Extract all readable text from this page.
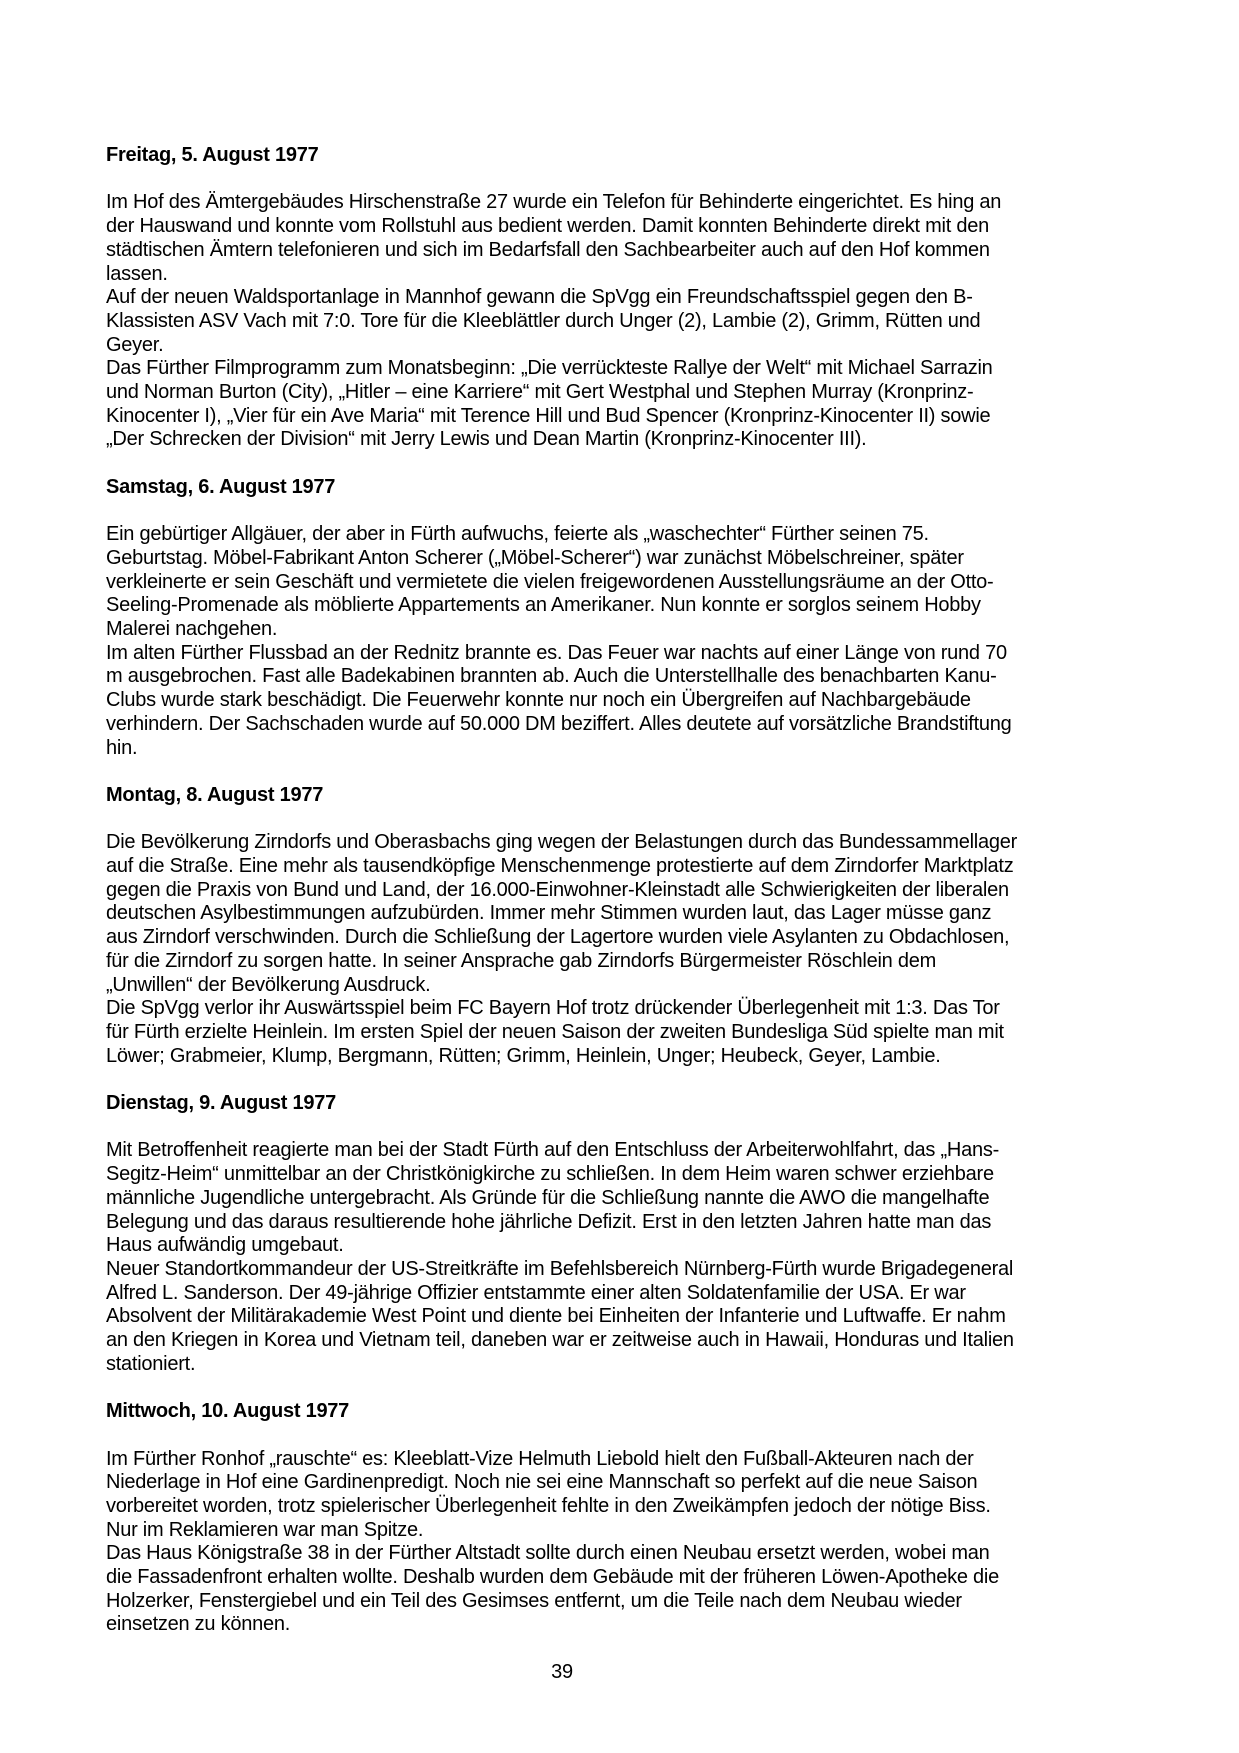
Freitag, 5. August 1977

Im Hof des Ämtergebäudes Hirschenstraße 27 wurde ein Telefon für Behinderte eingerichtet. Es hing an der Hauswand und konnte vom Rollstuhl aus bedient werden. Damit konnten Behinderte direkt mit den städtischen Ämtern telefonieren und sich im Bedarfsfall den Sachbearbeiter auch auf den Hof kommen lassen.

Auf der neuen Waldsportanlage in Mannhof gewann die SpVgg ein Freundschaftsspiel gegen den B-Klassisten ASV Vach mit 7:0. Tore für die Kleeblättler durch Unger (2), Lambie (2), Grimm, Rütten und Geyer.

Das Fürther Filmprogramm zum Monatsbeginn: „Die verrückteste Rallye der Welt“ mit Michael Sarrazin und Norman Burton (City), „Hitler – eine Karriere“ mit Gert Westphal und Stephen Murray (Kronprinz-Kinocenter I), „Vier für ein Ave Maria“ mit Terence Hill und Bud Spencer (Kronprinz-Kinocenter II) sowie „Der Schrecken der Division“ mit Jerry Lewis und Dean Martin (Kronprinz-Kinocenter III).

Samstag, 6. August 1977

Ein gebürtiger Allgäuer, der aber in Fürth aufwuchs, feierte als „waschechter“ Fürther seinen 75. Geburtstag. Möbel-Fabrikant Anton Scherer („Möbel-Scherer“) war zunächst Möbelschreiner, später verkleinerte er sein Geschäft und vermietete die vielen freigewordenen Ausstellungsräume an der Otto-Seeling-Promenade als möblierte Appartements an Amerikaner. Nun konnte er sorglos seinem Hobby Malerei nachgehen.

Im alten Fürther Flussbad an der Rednitz brannte es. Das Feuer war nachts auf einer Länge von rund 70 m ausgebrochen. Fast alle Badekabinen brannten ab. Auch die Unterstellhalle des benachbarten Kanu-Clubs wurde stark beschädigt. Die Feuerwehr konnte nur noch ein Übergreifen auf Nachbargebäude verhindern. Der Sachschaden wurde auf 50.000 DM beziffert. Alles deutete auf vorsätzliche Brandstiftung hin.

Montag, 8. August 1977

Die Bevölkerung Zirndorfs und Oberasbachs ging wegen der Belastungen durch das Bundessammellager auf die Straße. Eine mehr als tausendköpfige Menschenmenge protestierte auf dem Zirndorfer Marktplatz gegen die Praxis von Bund und Land, der 16.000-Einwohner-Kleinstadt alle Schwierigkeiten der liberalen deutschen Asylbestimmungen aufzubürden. Immer mehr Stimmen wurden laut, das Lager müsse ganz aus Zirndorf verschwinden. Durch die Schließung der Lagertore wurden viele Asylanten zu Obdachlosen, für die Zirndorf zu sorgen hatte. In seiner Ansprache gab Zirndorfs Bürgermeister Röschlein dem „Unwillen“ der Bevölkerung Ausdruck.

Die SpVgg verlor ihr Auswärtsspiel beim FC Bayern Hof trotz drückender Überlegenheit mit 1:3. Das Tor für Fürth erzielte Heinlein. Im ersten Spiel der neuen Saison der zweiten Bundesliga Süd spielte man mit Löwer; Grabmeier, Klump, Bergmann, Rütten; Grimm, Heinlein, Unger; Heubeck, Geyer, Lambie.

Dienstag, 9. August 1977

Mit Betroffenheit reagierte man bei der Stadt Fürth auf den Entschluss der Arbeiterwohlfahrt, das „Hans-Segitz-Heim“ unmittelbar an der Christkönigkirche zu schließen. In dem Heim waren schwer erziehbare männliche Jugendliche untergebracht. Als Gründe für die Schließung nannte die AWO die mangelhafte Belegung und das daraus resultierende hohe jährliche Defizit. Erst in den letzten Jahren hatte man das Haus aufwändig umgebaut.

Neuer Standortkommandeur der US-Streitkräfte im Befehlsbereich Nürnberg-Fürth wurde Brigadegeneral Alfred L. Sanderson. Der 49-jährige Offizier entstammte einer alten Soldatenfamilie der USA. Er war Absolvent der Militärakademie West Point und diente bei Einheiten der Infanterie und Luftwaffe. Er nahm an den Kriegen in Korea und Vietnam teil, daneben war er zeitweise auch in Hawaii, Honduras und Italien stationiert.

Mittwoch, 10. August 1977

Im Fürther Ronhof „rauschte“ es: Kleeblatt-Vize Helmuth Liebold hielt den Fußball-Akteuren nach der Niederlage in Hof eine Gardinenpredigt. Noch nie sei eine Mannschaft so perfekt auf die neue Saison vorbereitet worden, trotz spielerischer Überlegenheit fehlte in den Zweikämpfen jedoch der nötige Biss. Nur im Reklamieren war man Spitze.

Das Haus Königstraße 38 in der Fürther Altstadt sollte durch einen Neubau ersetzt werden, wobei man die Fassadenfront erhalten wollte. Deshalb wurden dem Gebäude mit der früheren Löwen-Apotheke die Holzerker, Fenstergiebel und ein Teil des Gesimses entfernt, um die Teile nach dem Neubau wieder einsetzen zu können.

39
